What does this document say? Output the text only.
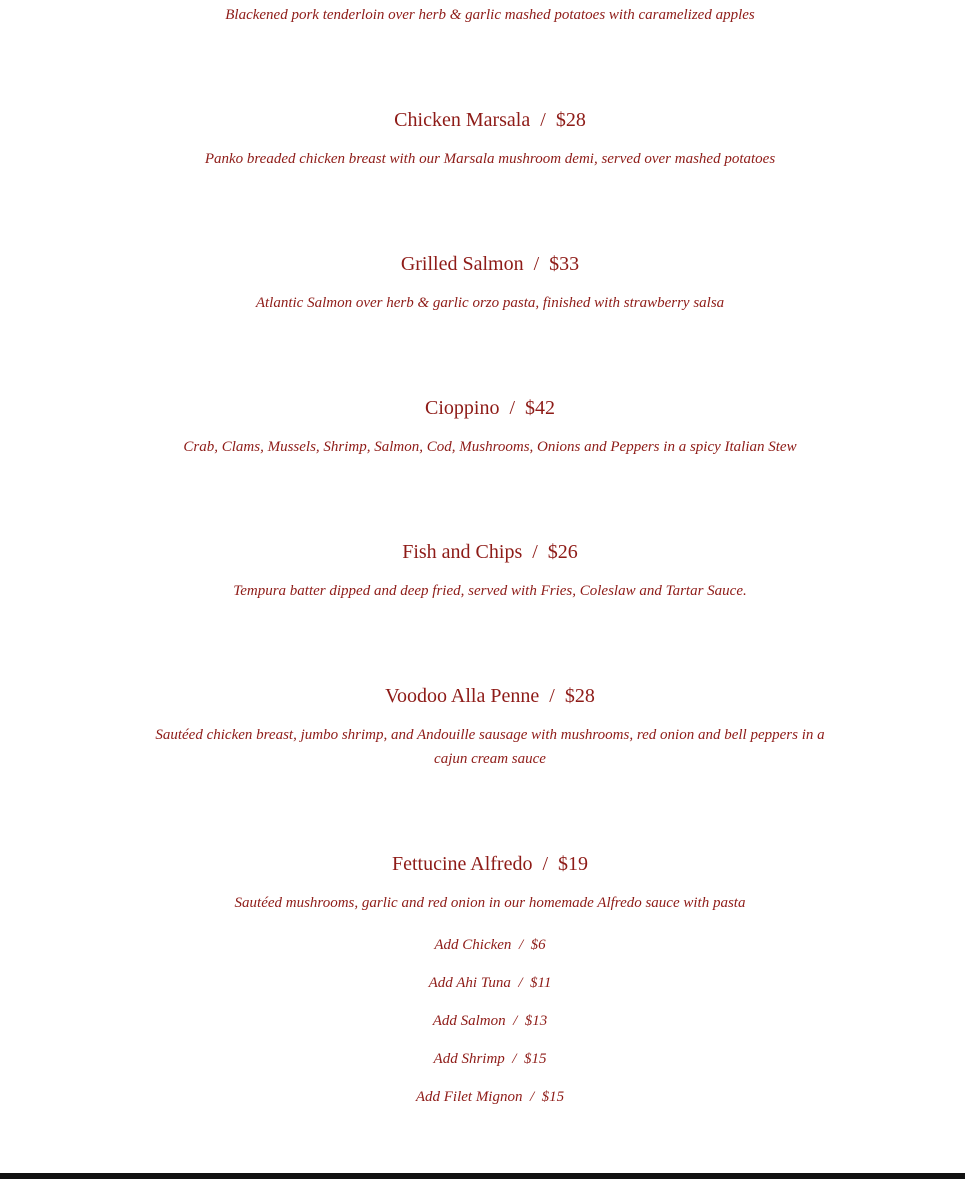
Blackened pork tenderloin over herb & garlic mashed potatoes with caramelized apples
Chicken Marsala  /  $28
Panko breaded chicken breast with our Marsala mushroom demi, served over mashed potatoes
Grilled Salmon  /  $33
Atlantic Salmon over herb & garlic orzo pasta, finished with strawberry salsa
Cioppino  /  $42
Crab, Clams, Mussels, Shrimp, Salmon, Cod, Mushrooms, Onions and Peppers in a spicy Italian Stew
Fish and Chips  /  $26
Tempura batter dipped and deep fried, served with Fries, Coleslaw and Tartar Sauce.
Voodoo Alla Penne  /  $28
Sautéed chicken breast, jumbo shrimp, and Andouille sausage with mushrooms, red onion and bell peppers in a cajun cream sauce
Fettucine Alfredo  /  $19
Sautéed mushrooms, garlic and red onion in our homemade Alfredo sauce with pasta
Add Chicken  /  $6
Add Ahi Tuna  /  $11
Add Salmon  /  $13
Add Shrimp  /  $15
Add Filet Mignon  /  $15
